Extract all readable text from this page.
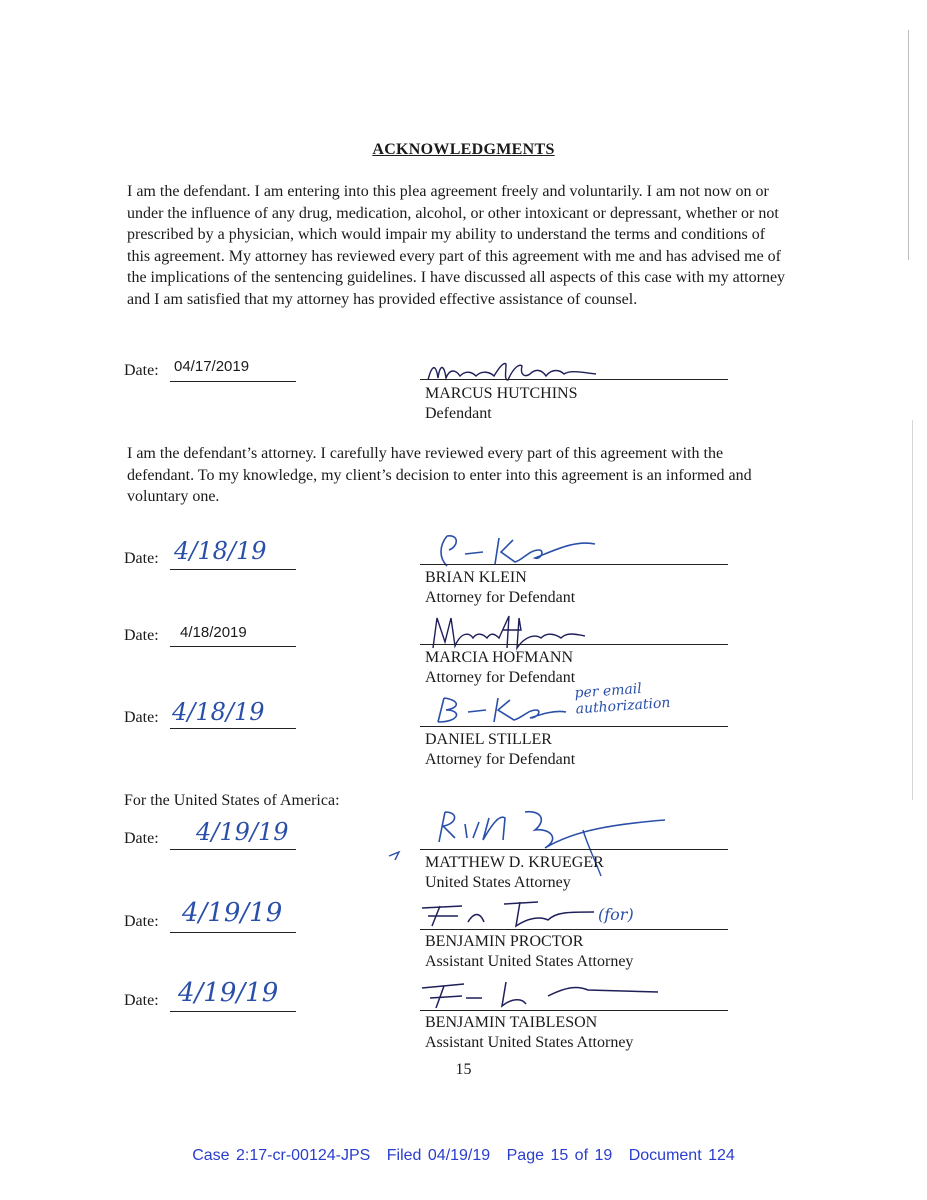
ACKNOWLEDGMENTS

I am the defendant. I am entering into this plea agreement freely and voluntarily. I am not now on or under the influence of any drug, medication, alcohol, or other intoxicant or depressant, whether or not prescribed by a physician, which would impair my ability to understand the terms and conditions of this agreement. My attorney has reviewed every part of this agreement with me and has advised me of the implications of the sentencing guidelines. I have discussed all aspects of this case with my attorney and I am satisfied that my attorney has provided effective assistance of counsel.

Date: 04/17/2019
MARCUS HUTCHINS
Defendant

I am the defendant’s attorney. I carefully have reviewed every part of this agreement with the defendant. To my knowledge, my client’s decision to enter into this agreement is an informed and voluntary one.

Date: 4/18/19
BRIAN KLEIN
Attorney for Defendant
Date: 4/18/2019
MARCIA HOFMANN
Attorney for Defendant
Date: 4/18/19
per email authorization
DANIEL STILLER
Attorney for Defendant
For the United States of America:
Date: 4/19/19
MATTHEW D. KRUEGER
United States Attorney
Date: 4/19/19	(for)
BENJAMIN PROCTOR
Assistant United States Attorney
Date: 4/19/19
BENJAMIN TAIBLESON
Assistant United States Attorney
15
Case 2:17-cr-00124-JPS Filed 04/19/19 Page 15 of 19 Document 124
